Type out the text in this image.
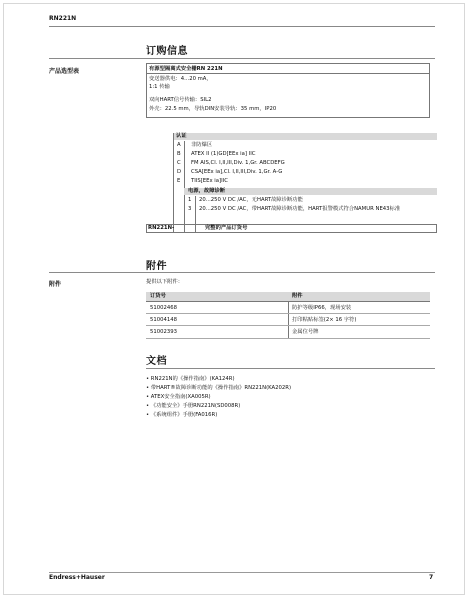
RN221N
订购信息
产品选型表	有源型隔离式安全栅RN 221N
变送器供电：4...20 mA，
1:1 传输
双向HART信号传输：SIL2
外壳：22.5 mm，导轨DIN安装导轨：35 mm，IP20
认证
A 非防爆区
B ATEX II (1)GD[EEx ia] IIC
C FM AIS,Cl. I,II,III,Div. 1,Gr. ABCDEFG
D CSA[EEx ia],Cl. I,II,III,Div. 1,Gr. A-G
E TIIS[EEx ia]IIC
电源，故障诊断
1 20...250 V DC /AC，无HART故障诊断功能
3 20...250 V DC /AC，带HART故障诊断功能，HART报警模式符合NAMUR NE43标准
RN221N-	完整的产品订货号
附件
附件	提供以下附件：
订货号	附件
51002468	防护等级IP66，现场安装
51004148	打印粘贴标签(2× 16 字符)
51002393	金属位号牌
文档
• RN221N的《操作指南》(KA124R)
• 带HART®故障诊断功能的《操作指南》RN221N(KA202R)
• ATEX安全指南(XA005R)
• 《功能安全》手册RN221N(SD008R)
• 《系统组件》手册(FA016R)
Endress+Hauser	7
